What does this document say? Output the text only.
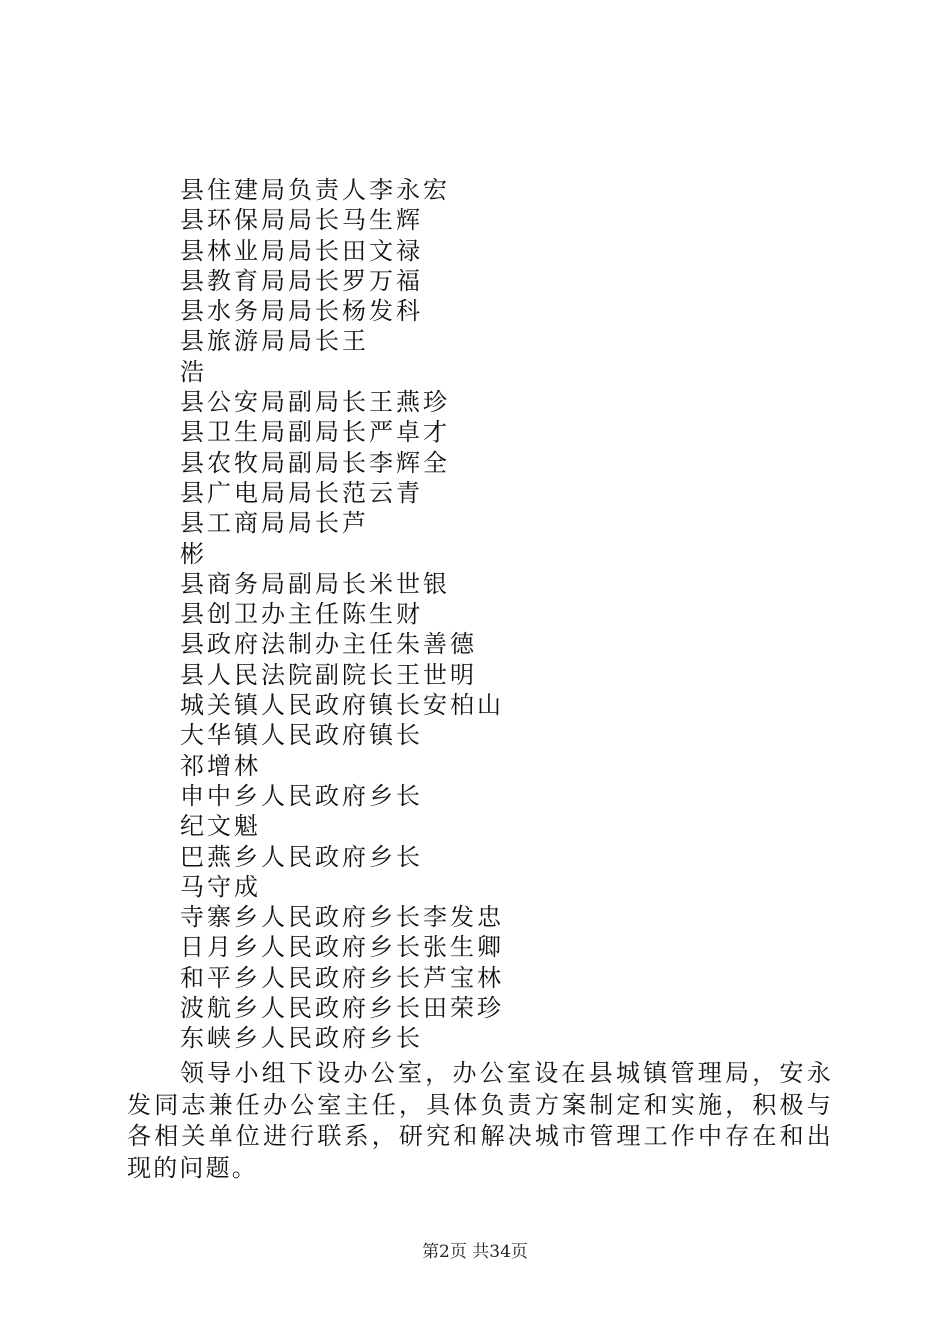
县住建局负责人李永宏
县环保局局长马生辉
县林业局局长田文禄
县教育局局长罗万福
县水务局局长杨发科
县旅游局局长王
浩
县公安局副局长王燕珍
县卫生局副局长严卓才
县农牧局副局长李辉全
县广电局局长范云青
县工商局局长芦
彬
县商务局副局长米世银
县创卫办主任陈生财
县政府法制办主任朱善德
县人民法院副院长王世明
城关镇人民政府镇长安柏山
大华镇人民政府镇长
祁增林
申中乡人民政府乡长
纪文魁
巴燕乡人民政府乡长
马守成
寺寨乡人民政府乡长李发忠
日月乡人民政府乡长张生卿
和平乡人民政府乡长芦宝林
波航乡人民政府乡长田荣珍
东峡乡人民政府乡长

领导小组下设办公室，办公室设在县城镇管理局，安永发同志兼任办公室主任，具体负责方案制定和实施，积极与各相关单位进行联系，研究和解决城市管理工作中存在和出现的问题。

第2页 共34页
